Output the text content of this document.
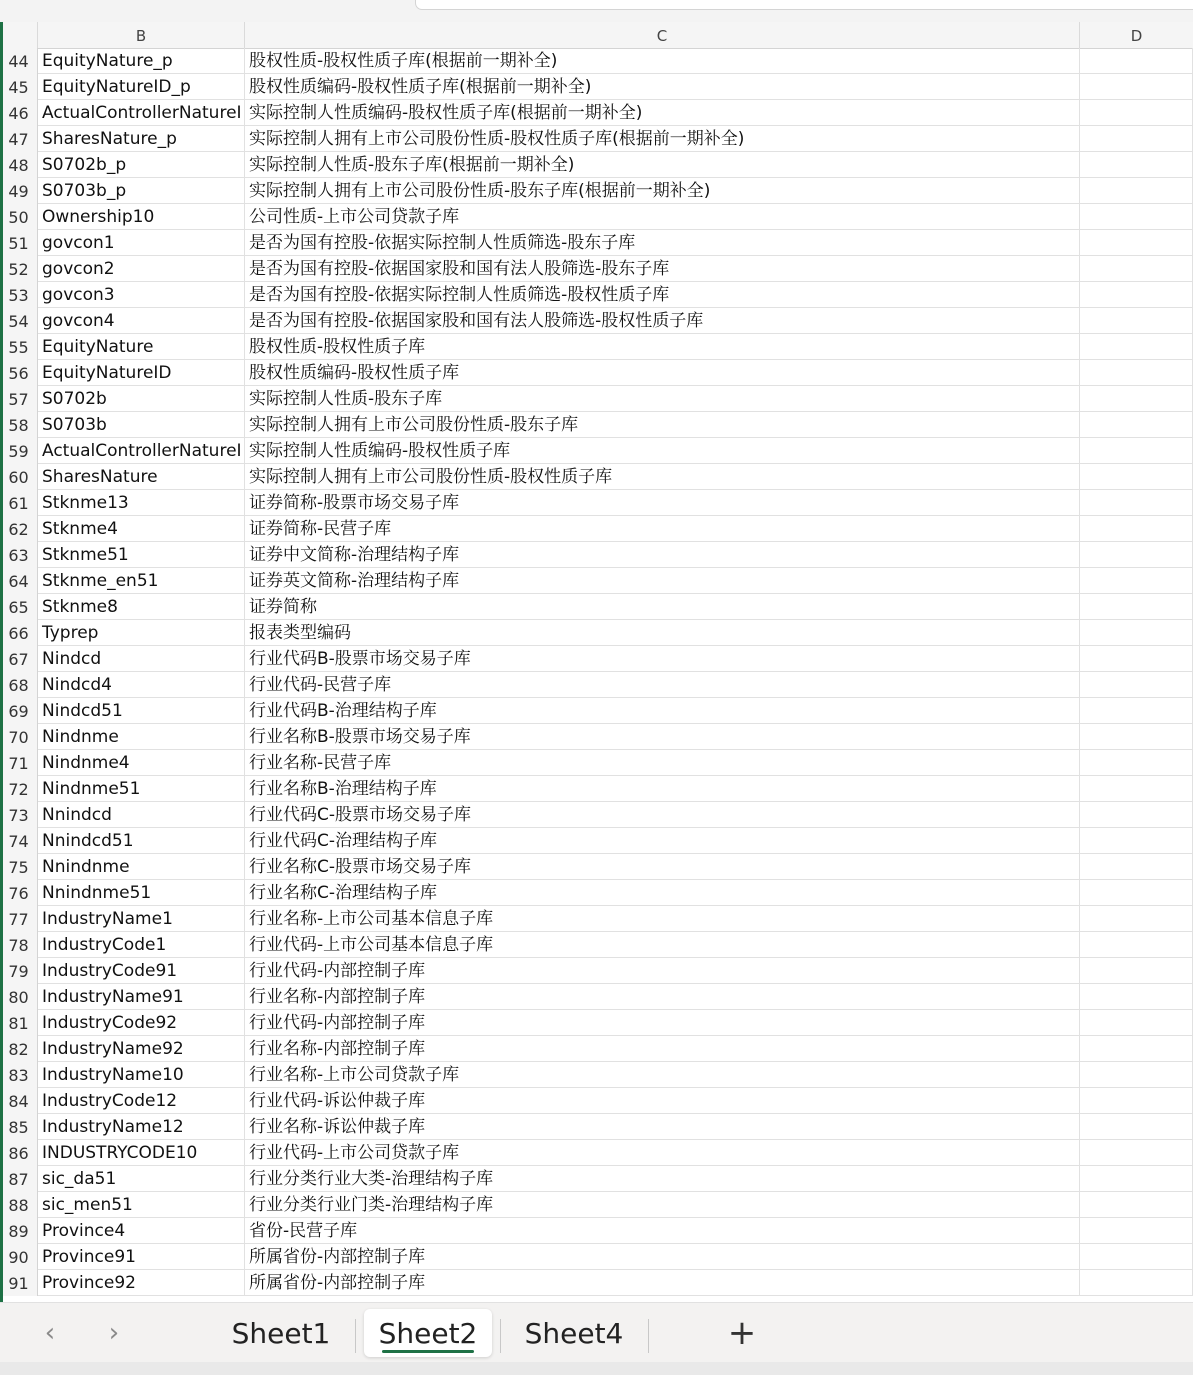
B	C	D
44 EquityNature_p	股权性质-股权性质子库(根据前一期补全)
45 EquityNatureID_p	股权性质编码-股权性质子库(根据前一期补全)
46 ActualControllerNatureI 实际控制人性质编码-股权性质子库(根据前一期补全)
47 SharesNature_p	实际控制人拥有上市公司股份性质-股权性质子库(根据前一期补全)
48 S0702b_p	实际控制人性质-股东子库(根据前一期补全)
49 S0703b_p	实际控制人拥有上市公司股份性质-股东子库(根据前一期补全)
50 Ownership10	公司性质-上市公司贷款子库
51 govcon1	是否为国有控股-依据实际控制人性质筛选-股东子库
52 govcon2	是否为国有控股-依据国家股和国有法人股筛选-股东子库
53 govcon3	是否为国有控股-依据实际控制人性质筛选-股权性质子库
54 govcon4	是否为国有控股-依据国家股和国有法人股筛选-股权性质子库
55 EquityNature	股权性质-股权性质子库
56 EquityNatureID	股权性质编码-股权性质子库
57 S0702b	实际控制人性质-股东子库
58 S0703b	实际控制人拥有上市公司股份性质-股东子库
59 ActualControllerNatureI 实际控制人性质编码-股权性质子库
60 SharesNature	实际控制人拥有上市公司股份性质-股权性质子库
61 Stknme13	证券简称-股票市场交易子库
62 Stknme4	证券简称-民营子库
63 Stknme51	证券中文简称-治理结构子库
64 Stknme_en51	证券英文简称-治理结构子库
65 Stknme8	证券简称
66 Typrep	报表类型编码
67 Nindcd	行业代码B-股票市场交易子库
68 Nindcd4	行业代码-民营子库
69 Nindcd51	行业代码B-治理结构子库
70 Nindnme	行业名称B-股票市场交易子库
71 Nindnme4	行业名称-民营子库
72 Nindnme51	行业名称B-治理结构子库
73 Nnindcd	行业代码C-股票市场交易子库
74 Nnindcd51	行业代码C-治理结构子库
75 Nnindnme	行业名称C-股票市场交易子库
76 Nnindnme51	行业名称C-治理结构子库
77 IndustryName1	行业名称-上市公司基本信息子库
78 IndustryCode1	行业代码-上市公司基本信息子库
79 IndustryCode91	行业代码-内部控制子库
80 IndustryName91	行业名称-内部控制子库
81 IndustryCode92	行业代码-内部控制子库
82 IndustryName92	行业名称-内部控制子库
83 IndustryName10	行业名称-上市公司贷款子库
84 IndustryCode12	行业代码-诉讼仲裁子库
85 IndustryName12	行业名称-诉讼仲裁子库
86 INDUSTRYCODE10	行业代码-上市公司贷款子库
87 sic_da51	行业分类行业大类-治理结构子库
88 sic_men51	行业分类行业门类-治理结构子库
89 Province4	省份-民营子库
90 Province91	所属省份-内部控制子库
91 Province92	所属省份-内部控制子库
‹	›	Sheet1	Sheet2	Sheet4	+
